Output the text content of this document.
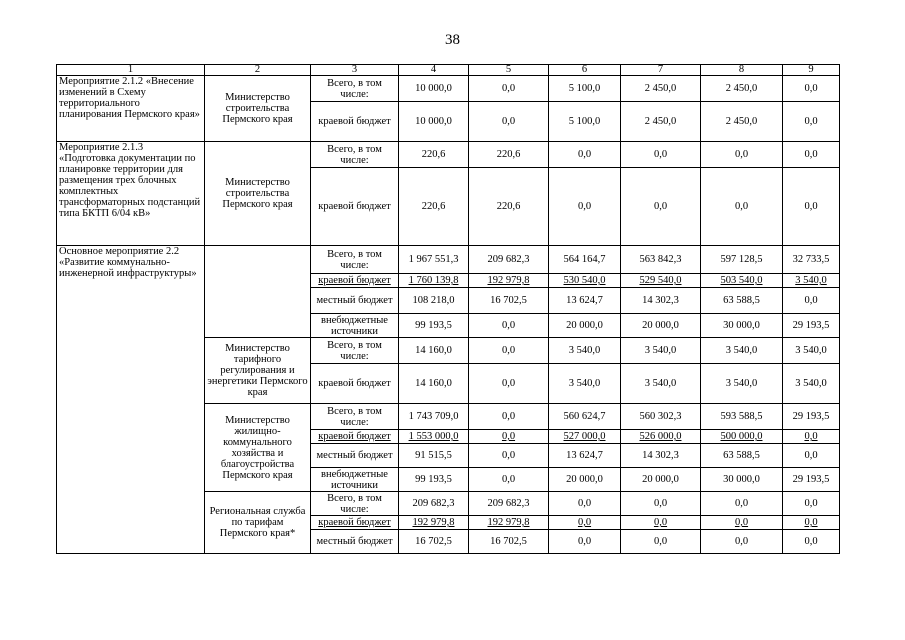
38
1	2	3	4	5	6	7	8	9
Мероприятие 2.1.2 «Внесение изменений в Схему территориального планирования Пермского края»	Министерство строительства Пермского края	Всего, в том числе:	10 000,0	0,0	5 100,0	2 450,0	2 450,0	0,0
		краевой бюджет	10 000,0	0,0	5 100,0	2 450,0	2 450,0	0,0
Мероприятие 2.1.3 «Подготовка документации по планировке территории для размещения трех блочных комплектных трансформаторных подстанций типа БКТП 6/04 кВ»	Министерство строительства Пермского края	Всего, в том числе:	220,6	220,6	0,0	0,0	0,0	0,0
		краевой бюджет	220,6	220,6	0,0	0,0	0,0	0,0
Основное мероприятие 2.2 «Развитие коммунально-инженерной инфраструктуры»		Всего, в том числе:	1 967 551,3	209 682,3	564 164,7	563 842,3	597 128,5	32 733,5
		краевой бюджет	1 760 139,8	192 979,8	530 540,0	529 540,0	503 540,0	3 540,0
		местный бюджет	108 218,0	16 702,5	13 624,7	14 302,3	63 588,5	0,0
		внебюджетные источники	99 193,5	0,0	20 000,0	20 000,0	30 000,0	29 193,5
	Министерство тарифного регулирования и энергетики Пермского края	Всего, в том числе:	14 160,0	0,0	3 540,0	3 540,0	3 540,0	3 540,0
		краевой бюджет	14 160,0	0,0	3 540,0	3 540,0	3 540,0	3 540,0
	Министерство жилищно-коммунального хозяйства и благоустройства Пермского края	Всего, в том числе:	1 743 709,0	0,0	560 624,7	560 302,3	593 588,5	29 193,5
		краевой бюджет	1 553 000,0	0,0	527 000,0	526 000,0	500 000,0	0,0
		местный бюджет	91 515,5	0,0	13 624,7	14 302,3	63 588,5	0,0
		внебюджетные источники	99 193,5	0,0	20 000,0	20 000,0	30 000,0	29 193,5
	Региональная служба по тарифам Пермского края*	Всего, в том числе:	209 682,3	209 682,3	0,0	0,0	0,0	0,0
		краевой бюджет	192 979,8	192 979,8	0,0	0,0	0,0	0,0
		местный бюджет	16 702,5	16 702,5	0,0	0,0	0,0	0,0
